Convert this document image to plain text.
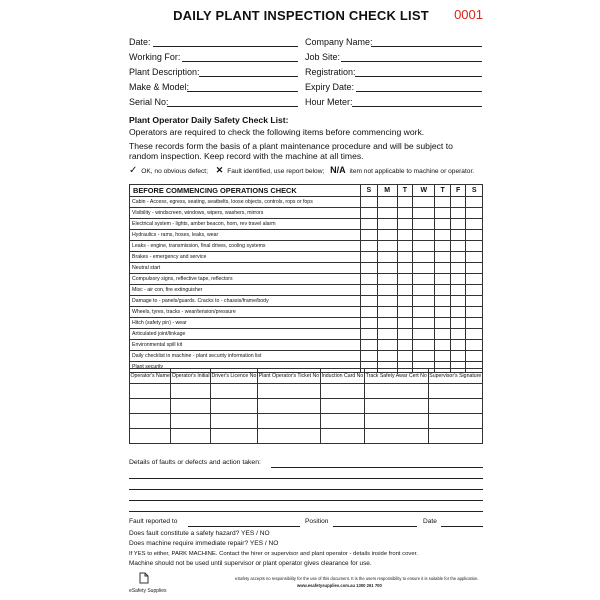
DAILY PLANT INSPECTION CHECK LIST	0001
Date:
Working For:
Plant Description:
Make & Model:
Serial No:
Company Name:
Job Site:
Registration:
Expiry Date:
Hour Meter:
Plant Operator Daily Safety Check List:
Operators are required to check the following items before commencing work.
These records form the basis of a plant maintenance procedure and will be subject to
random inspection. Keep record with the machine at all times.
✓ OK, no obvious defect; ✕ Fault identified, use report below; N/A item not applicable to machine or operator.
BEFORE COMMENCING OPERATIONS CHECK	S	M	T	W	T	F	S
Cabin - Access, egress, seating, seatbelts, loose objects, controls, rops or fops							
Visibility - windscreen, windows, wipers, washers, mirrors							
Electrical system - lights, amber beacon, horn, rev travel alarm							
Hydraulics - rams, hoses, leaks, wear							
Leaks - engine, transmission, final drives, cooling systems							
Brakes - emergency and service							
Neutral start							
Compulsory signs, reflective tape, reflectors							
Misc - air con, fire extinguisher							
Damage to - panels/guards. Cracks to - chassis/frame/body							
Wheels, tyres, tracks - wear/tension/pressure							
Hitch (safety pin) - wear							
Articulated joint/linkage							
Environmental spill kit							
Daily checklist in machine - plant security information list							
Plant security							
Operator's Name	Operator's Initial	Driver's Licence No	Plant Operator's Ticket No	Induction Card No	Track Safety Awar Cert No	Supervisor's Signature

Details of faults or defects and action taken:
Fault reported to	Position	Date
Does fault constitute a safety hazard? YES / NO
Does machine require immediate repair? YES / NO
If YES to either, PARK MACHINE. Contact the hirer or supervisor and plant operator - details inside front cover.
Machine should not be used until supervisor or plant operator gives clearance for use.
eSafety Supplies
eSafety accepts no responsibility for the use of this document. It is the users responsibility to ensure it is suitable for the application.
www.esafetysupplies.com.au 1300 261 700
